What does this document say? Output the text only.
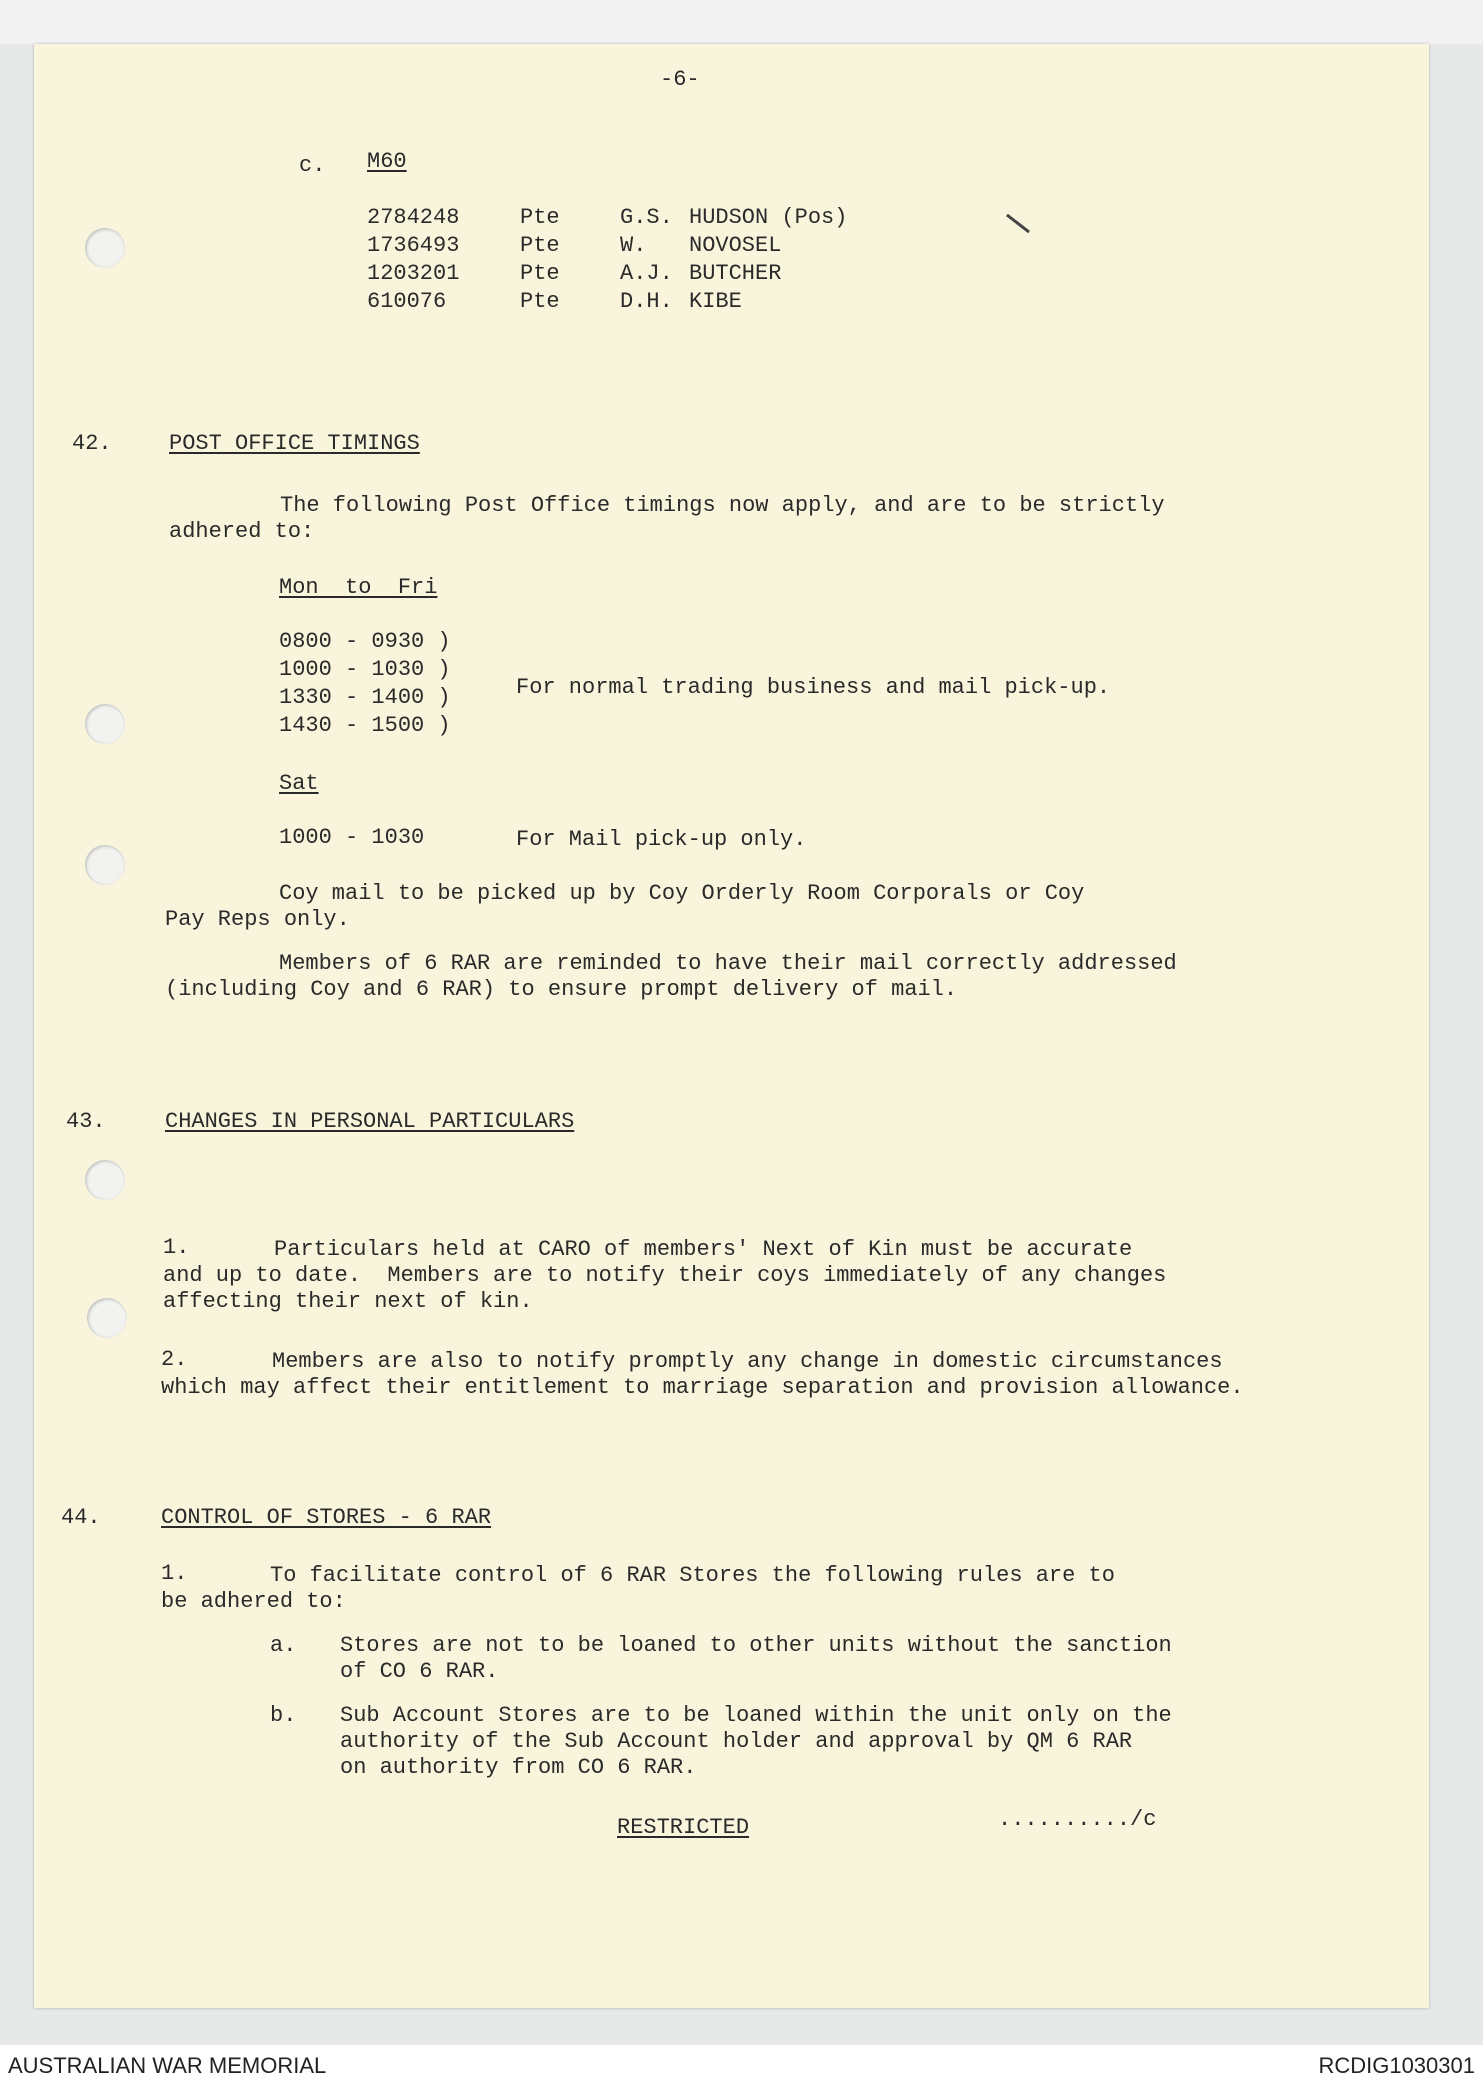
-6-
c. M60
2784248	Pte	G.S. HUDSON (Pos)
1736493	Pte	W. NOVOSEL
1203201	Pte	A.J. BUTCHER
610076	Pte	D.H. KIBE
42.	POST OFFICE TIMINGS
The following Post Office timings now apply, and are to be strictly
adhered to:
Mon  to  Fri
0800 - 0930 )
1000 - 1030 )
1330 - 1400 )
1430 - 1500 )
For normal trading business and mail pick-up.
Sat
1000 - 1030	For Mail pick-up only.
Coy mail to be picked up by Coy Orderly Room Corporals or Coy
Pay Reps only.
Members of 6 RAR are reminded to have their mail correctly addressed
(including Coy and 6 RAR) to ensure prompt delivery of mail.
43.	CHANGES IN PERSONAL PARTICULARS
1.	Particulars held at CARO of members' Next of Kin must be accurate
and up to date.  Members are to notify their coys immediately of any changes
affecting their next of kin.
2.	Members are also to notify promptly any change in domestic circumstances
which may affect their entitlement to marriage separation and provision allowance.
44.	CONTROL OF STORES - 6 RAR
1.	To facilitate control of 6 RAR Stores the following rules are to
be adhered to:
a. Stores are not to be loaned to other units without the sanction
of CO 6 RAR.
b. Sub Account Stores are to be loaned within the unit only on the
authority of the Sub Account holder and approval by QM 6 RAR
on authority from CO 6 RAR.
RESTRICTED	........../c
AUSTRALIAN WAR MEMORIAL	RCDIG1030301
